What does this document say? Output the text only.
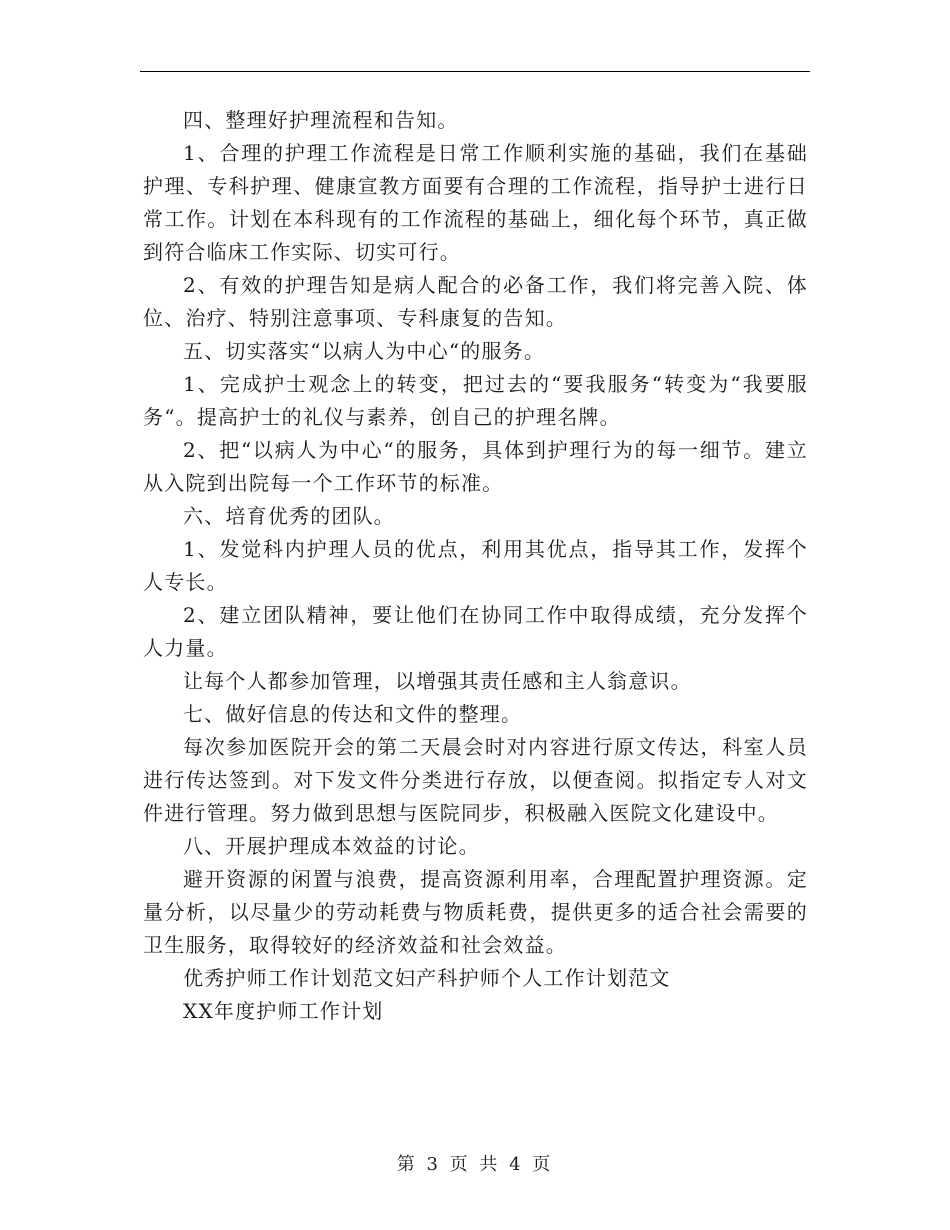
四、整理好护理流程和告知。

1、合理的护理工作流程是日常工作顺利实施的基础，我们在基础护理、专科护理、健康宣教方面要有合理的工作流程，指导护士进行日常工作。计划在本科现有的工作流程的基础上，细化每个环节，真正做到符合临床工作实际、切实可行。

2、有效的护理告知是病人配合的必备工作，我们将完善入院、体位、治疗、特别注意事项、专科康复的告知。

五、切实落实“以病人为中心“的服务。

1、完成护士观念上的转变，把过去的“要我服务“转变为“我要服务“。提高护士的礼仪与素养，创自己的护理名牌。

2、把“以病人为中心“的服务，具体到护理行为的每一细节。建立从入院到出院每一个工作环节的标准。

六、培育优秀的团队。

1、发觉科内护理人员的优点，利用其优点，指导其工作，发挥个人专长。

2、建立团队精神，要让他们在协同工作中取得成绩，充分发挥个人力量。

让每个人都参加管理，以增强其责任感和主人翁意识。

七、做好信息的传达和文件的整理。

每次参加医院开会的第二天晨会时对内容进行原文传达，科室人员进行传达签到。对下发文件分类进行存放，以便查阅。拟指定专人对文件进行管理。努力做到思想与医院同步，积极融入医院文化建设中。

八、开展护理成本效益的讨论。

避开资源的闲置与浪费，提高资源利用率，合理配置护理资源。定量分析，以尽量少的劳动耗费与物质耗费，提供更多的适合社会需要的卫生服务，取得较好的经济效益和社会效益。

优秀护师工作计划范文妇产科护师个人工作计划范文

XX年度护师工作计划

第 3 页 共 4 页
